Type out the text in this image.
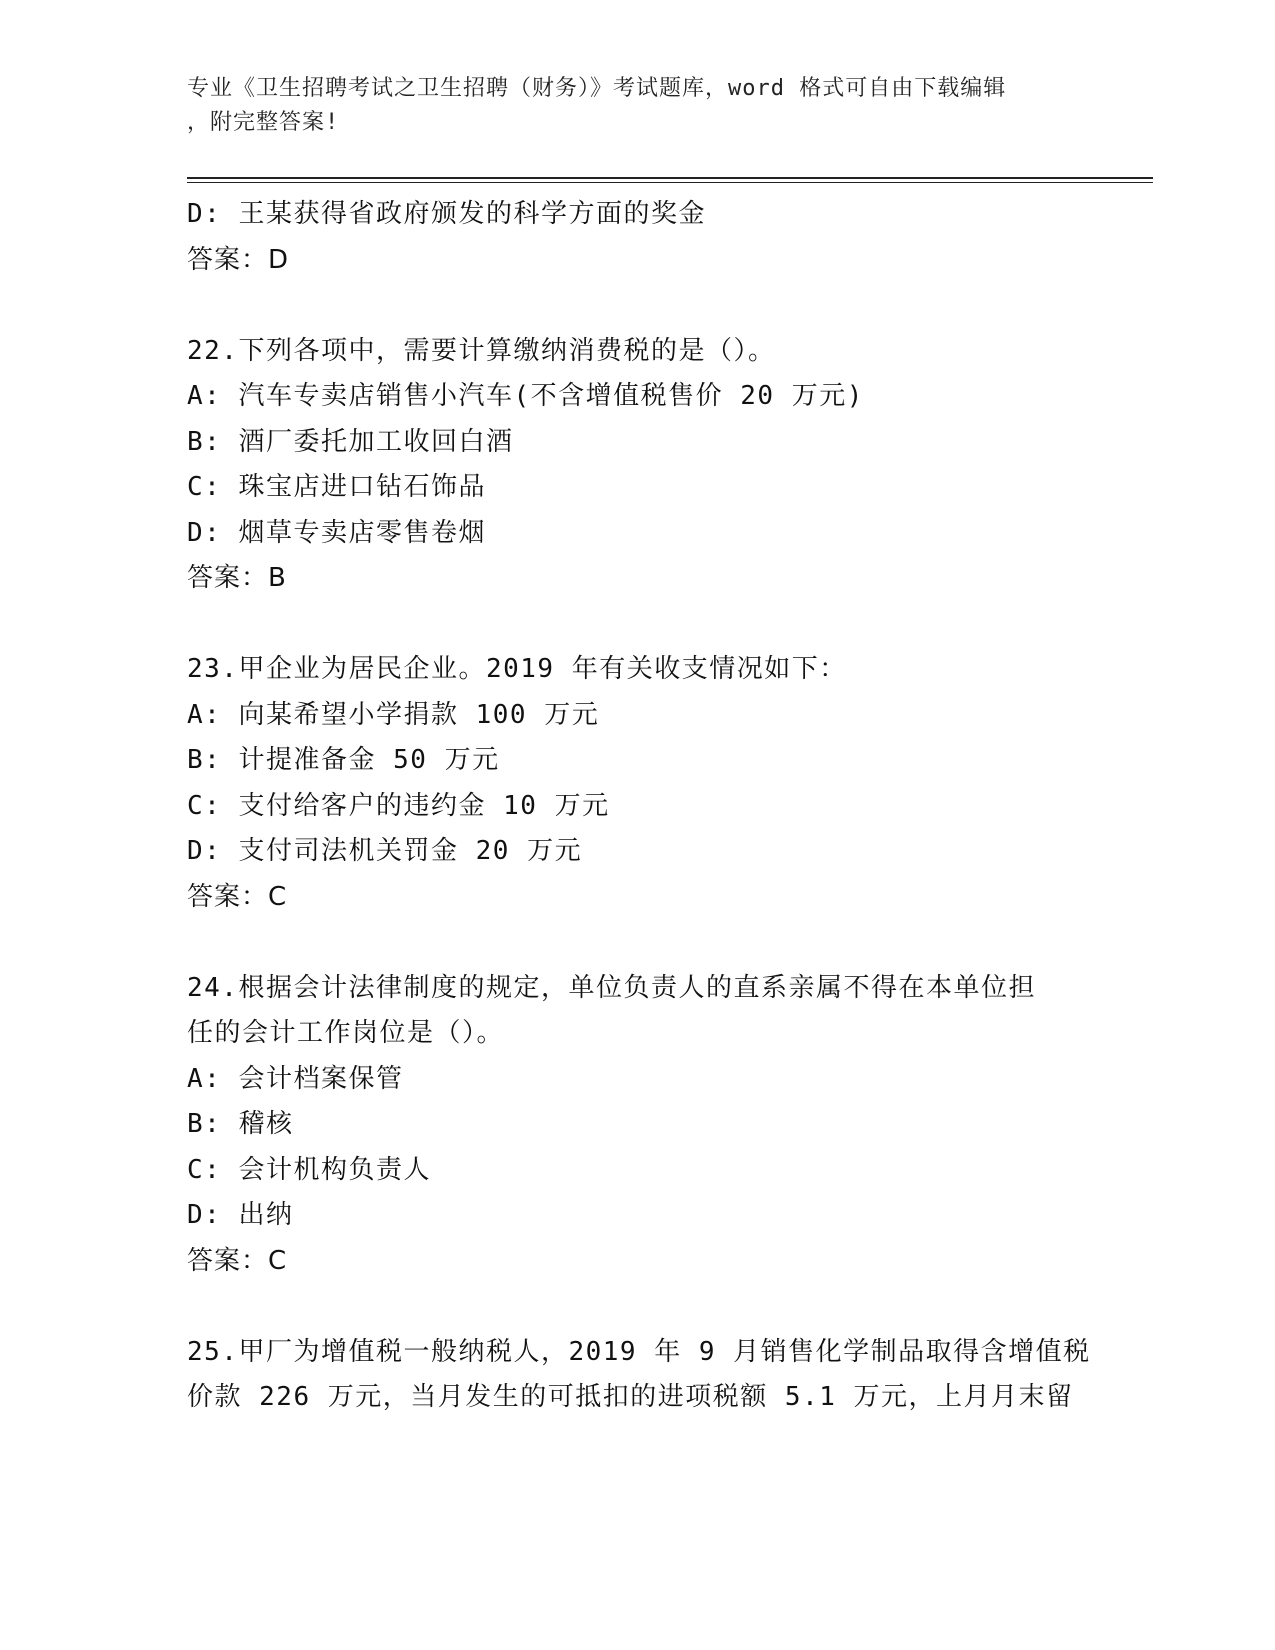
专业《卫生招聘考试之卫生招聘（财务）》考试题库，word 格式可自由下载编辑
，附完整答案!
D: 王某获得省政府颁发的科学方面的奖金
答案：D
22.下列各项中，需要计算缴纳消费税的是（）。
A: 汽车专卖店销售小汽车(不含增值税售价 20 万元)
B: 酒厂委托加工收回白酒
C: 珠宝店进口钻石饰品
D: 烟草专卖店零售卷烟
答案：B
23.甲企业为居民企业。2019 年有关收支情况如下：
A: 向某希望小学捐款 100 万元
B: 计提准备金 50 万元
C: 支付给客户的违约金 10 万元
D: 支付司法机关罚金 20 万元
答案：C
24.根据会计法律制度的规定，单位负责人的直系亲属不得在本单位担
任的会计工作岗位是（）。
A: 会计档案保管
B: 稽核
C: 会计机构负责人
D: 出纳
答案：C
25.甲厂为增值税一般纳税人，2019 年 9 月销售化学制品取得含增值税
价款 226 万元，当月发生的可抵扣的进项税额 5.1 万元，上月月末留
